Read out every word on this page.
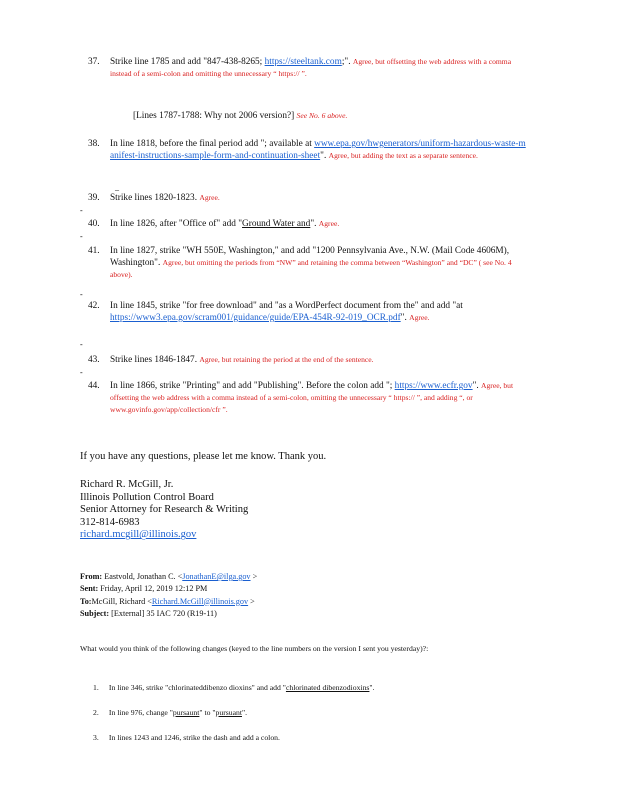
37.	Strike line 1785 and add "847-438-8265; https://steeltank.com;". Agree, but offsetting the web address with a comma instead of a semi-colon and omitting the unnecessary “ https:// ”.
[Lines 1787-1788: Why not 2006 version?] See No. 6 above.
38.	In line 1818, before the final period add "; available at www.epa.gov/hwgenerators/uniform-hazardous-waste-manifest-instructions-sample-form-and-continuation-sheet". Agree, but adding the text as a separate sentence.
_
39.	Strike lines 1820-1823. Agree.
-
40.	In line 1826, after "Office of" add "Ground Water and". Agree.
-
41.	In line 1827, strike "WH 550E, Washington," and add "1200 Pennsylvania Ave., N.W. (Mail Code 4606M), Washington". Agree, but omitting the periods from “NW” and retaining the comma between “Washington” and “DC” ( see No. 4 above).
-
42.	In line 1845, strike "for free download" and "as a WordPerfect document from the" and add "at https://www3.epa.gov/scram001/guidance/guide/EPA-454R-92-019_OCR.pdf". Agree.
-
43.	Strike lines 1846-1847. Agree, but retaining the period at the end of the sentence.
-
44.	In line 1866, strike "Printing" and add "Publishing". Before the colon add "; https://www.ecfr.gov". Agree, but offsetting the web address with a comma instead of a semi-colon, omitting the unnecessary “ https:// ”, and adding “, or www.govinfo.gov/app/collection/cfr ”.
If you have any questions, please let me know. Thank you.
Richard R. McGill, Jr.
Illinois Pollution Control Board
Senior Attorney for Research & Writing
312-814-6983
richard.mcgill@illinois.gov
From: Eastvold, Jonathan C. <JonathanE@ilga.gov >
Sent: Friday, April 12, 2019 12:12 PM
To:McGill, Richard <Richard.McGill@illinois.gov >
Subject: [External] 35 IAC 720 (R19-11)
What would you think of the following changes (keyed to the line numbers on the version I sent you yesterday)?:
1. In line 346, strike "chlorinateddibenzo dioxins" and add "chlorinated dibenzodioxins".
2. In line 976, change "pursaunt" to "pursuant".
3. In lines 1243 and 1246, strike the dash and add a colon.
